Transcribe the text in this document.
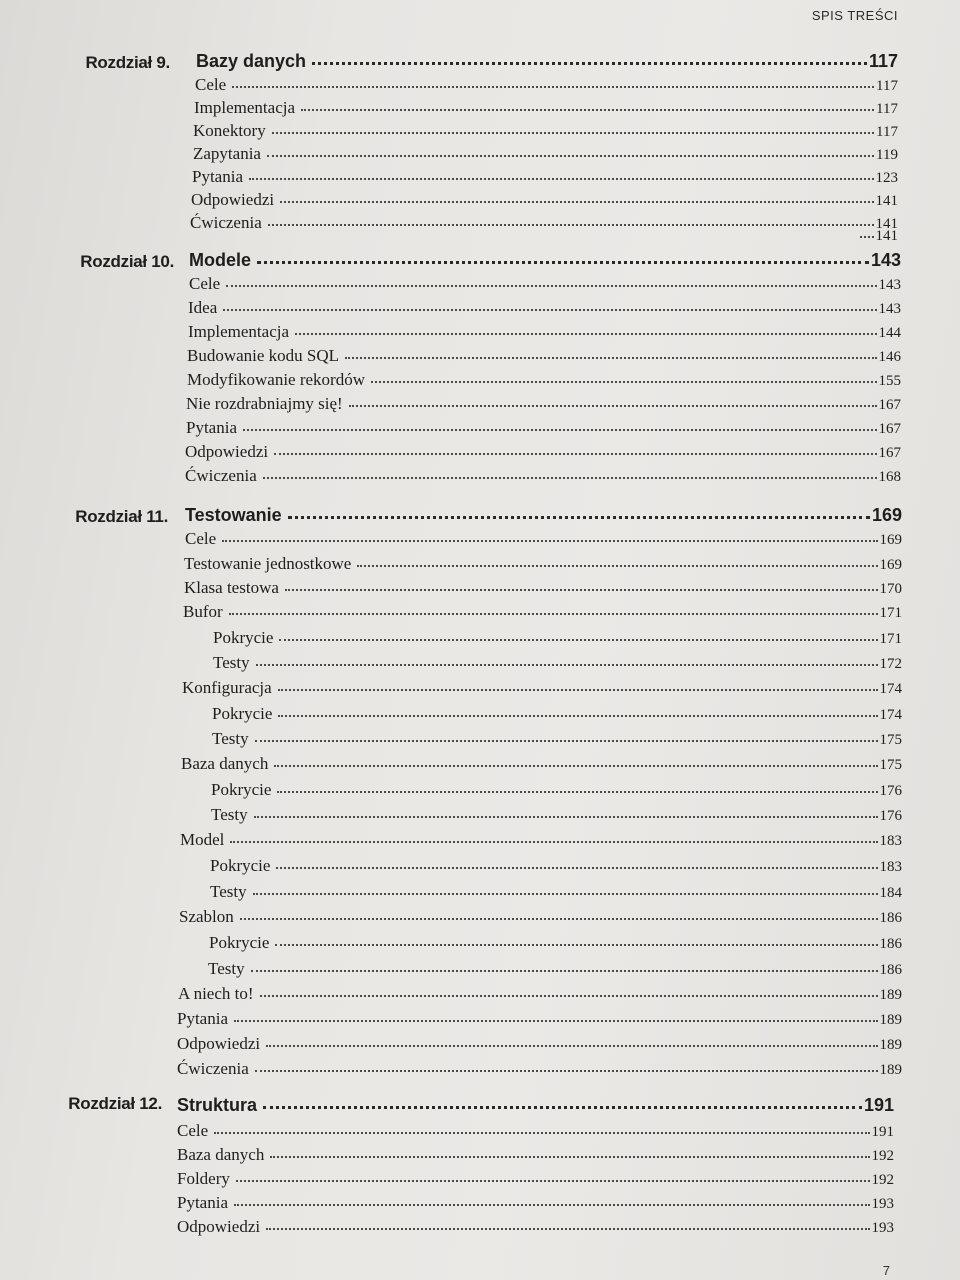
SPIS TREŚCI
Rozdział 9. Bazy danych	117
Cele	117
Implementacja	117
Konektory	117
Zapytania	119
Pytania	123
Odpowiedzi	141
Ćwiczenia	141
141
Rozdział 10. Modele	143
Cele	143
Idea	143
Implementacja	144
Budowanie kodu SQL	146
Modyfikowanie rekordów	155
Nie rozdrabniajmy się!	167
Pytania	167
Odpowiedzi	167
Ćwiczenia	168
Rozdział 11. Testowanie	169
Cele	169
Testowanie jednostkowe	169
Klasa testowa	170
Bufor	171
Pokrycie	171
Testy	172
Konfiguracja	174
Pokrycie	174
Testy	175
Baza danych	175
Pokrycie	176
Testy	176
Model	183
Pokrycie	183
Testy	184
Szablon	186
Pokrycie	186
Testy	186
A niech to!	189
Pytania	189
Odpowiedzi	189
Ćwiczenia	189
Rozdział 12. Struktura	191
Cele	191
Baza danych	192
Foldery	192
Pytania	193
Odpowiedzi	193
7
